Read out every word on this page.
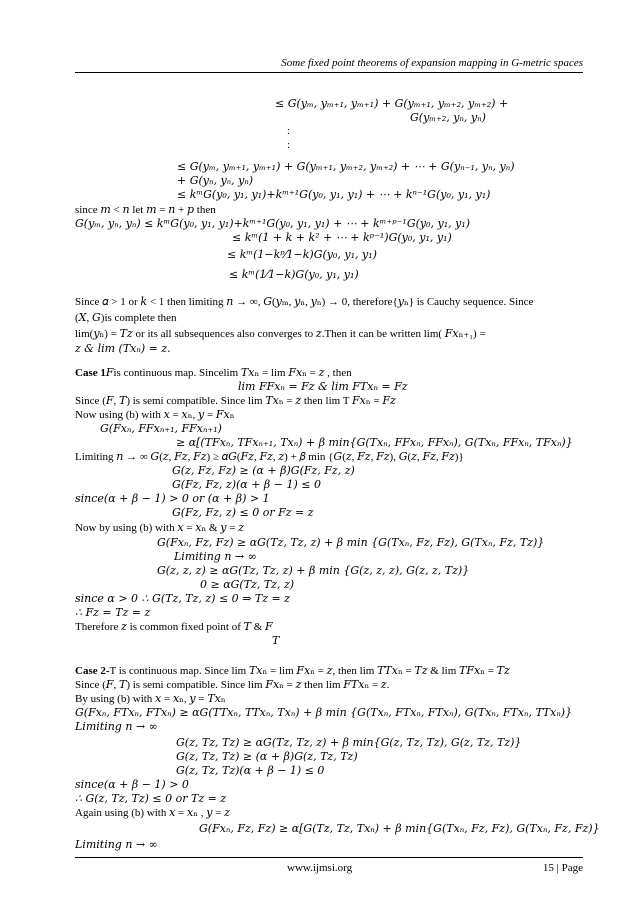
Some fixed point theorems of expansion mapping in G-metric spaces
≤ 𝐺(𝑦ₘ, 𝑦ₘ₊₁, 𝑦ₘ₊₁) + 𝐺(𝑦ₘ₊₁, 𝑦ₘ₊₂, 𝑦ₘ₊₂) +
𝐺(𝑦ₘ₊₂, 𝑦ₙ, 𝑦ₙ)
:
:
≤ 𝐺(𝑦ₘ, 𝑦ₘ₊₁, 𝑦ₘ₊₁) + 𝐺(𝑦ₘ₊₁, 𝑦ₘ₊₂, 𝑦ₘ₊₂) + ⋯ + 𝐺(𝑦ₙ₋₁, 𝑦ₙ, 𝑦ₙ)
+ 𝐺(𝑦ₙ, 𝑦ₙ, 𝑦ₙ)
≤ 𝑘ᵐ𝐺(𝑦₀, 𝑦₁, 𝑦₁)+𝑘ᵐ⁺¹𝐺(𝑦₀, 𝑦₁, 𝑦₁) + ⋯ + 𝑘ⁿ⁻¹𝐺(𝑦₀, 𝑦₁, 𝑦₁)
since 𝑚 < 𝑛 let 𝑚 = 𝑛 + 𝑝 then
𝐺(𝑦ₘ, 𝑦ₙ, 𝑦ₙ) ≤ 𝑘ᵐ𝐺(𝑦₀, 𝑦₁, 𝑦₁)+𝑘ᵐ⁺¹𝐺(𝑦₀, 𝑦₁, 𝑦₁) + ⋯ + 𝑘ᵐ⁺ᵖ⁻¹𝐺(𝑦₀, 𝑦₁, 𝑦₁)
≤ 𝑘ᵐ(1 + 𝑘 + 𝑘² + ⋯ + 𝑘ᵖ⁻¹)𝐺(𝑦₀, 𝑦₁, 𝑦₁)
≤ 𝑘ᵐ(1−𝑘ᵖ⁄1−𝑘)𝐺(𝑦₀, 𝑦₁, 𝑦₁)
≤ 𝑘ᵐ(1⁄1−𝑘)𝐺(𝑦₀, 𝑦₁, 𝑦₁)
Since 𝛼 > 1 or 𝑘 < 1 then limiting 𝑛 → ∞, 𝐺(𝑦ₘ, 𝑦ₙ, 𝑦ₙ) → 0, therefore{𝑦ₙ} is Cauchy sequence. Since
(𝑋, 𝐺)is complete then
lim(𝑦ₙ) = 𝑇𝑧 or its all subsequences also converges to 𝑧.Then it can be written lim( 𝐹𝑥ₙ₊₁) =
𝑧 & lim (𝑇𝑥ₙ) = 𝑧.
Case 1𝐹is continuous map. Sincelim 𝑇𝑥ₙ = lim 𝐹𝑥ₙ = 𝑧 , then
lim 𝐹𝐹𝑥ₙ = 𝐹𝑧 & lim 𝐹𝑇𝑥ₙ = 𝐹𝑧
Since (𝐹, 𝑇) is semi compatible. Since lim 𝑇𝑥ₙ = 𝑧 then lim T 𝐹𝑥ₙ = 𝐹𝑧
Now using (b) with 𝑥 = 𝑥ₙ, 𝑦 = 𝐹𝑥ₙ
𝐺(𝐹𝑥ₙ, 𝐹𝐹𝑥ₙ₊₁, 𝐹𝐹𝑥ₙ₊₁)
≥ 𝛼[(𝑇𝐹𝑥ₙ, 𝑇𝐹𝑥ₙ₊₁, 𝑇𝑥ₙ) + 𝛽 min{𝐺(𝑇𝑥ₙ, 𝐹𝐹𝑥ₙ, 𝐹𝐹𝑥ₙ), 𝐺(𝑇𝑥ₙ, 𝐹𝐹𝑥ₙ, 𝑇𝐹𝑥ₙ)}
Limiting 𝑛 → ∞ 𝐺(𝑧, 𝐹𝑧, 𝐹𝑧) ≥ 𝛼𝐺(𝐹𝑧, 𝐹𝑧, 𝑧) + 𝛽 min {𝐺(𝑧, 𝐹𝑧, 𝐹𝑧), 𝐺(𝑧, 𝐹𝑧, 𝐹𝑧)}
𝐺(𝑧, 𝐹𝑧, 𝐹𝑧) ≥ (𝛼 + 𝛽)𝐺(𝐹𝑧, 𝐹𝑧, 𝑧)
𝐺(𝐹𝑧, 𝐹𝑧, 𝑧)(𝛼 + 𝛽 − 1) ≤ 0
𝑠𝑖𝑛𝑐𝑒(𝛼 + 𝛽 − 1) > 0 𝑜𝑟 (𝛼 + 𝛽) > 1
𝐺(𝐹𝑧, 𝐹𝑧, 𝑧) ≤ 0 𝑜𝑟 𝐹𝑧 = 𝑧
Now by using (b) with 𝑥 = 𝑥ₙ & 𝑦 = 𝑧
𝐺(𝐹𝑥ₙ, 𝐹𝑧, 𝐹𝑧) ≥ 𝛼𝐺(𝑇𝑧, 𝑇𝑧, 𝑧) + 𝛽 min {𝐺(𝑇𝑥ₙ, 𝐹𝑧, 𝐹𝑧), 𝐺(𝑇𝑥ₙ, 𝐹𝑧, 𝑇𝑧)}
𝐿𝑖𝑚𝑖𝑡𝑖𝑛𝑔 𝑛 → ∞
𝐺(𝑧, 𝑧, 𝑧) ≥ 𝛼𝐺(𝑇𝑧, 𝑇𝑧, 𝑧) + 𝛽 min {𝐺(𝑧, 𝑧, 𝑧), 𝐺(𝑧, 𝑧, 𝑇𝑧)}
0 ≥ 𝛼𝐺(𝑇𝑧, 𝑇𝑧, 𝑧)
𝑠𝑖𝑛𝑐𝑒 𝛼 > 0 ∴ 𝐺(𝑇𝑧, 𝑇𝑧, 𝑧) ≤ 0 ⇒ 𝑇𝑧 = 𝑧
∴ 𝐹𝑧 = 𝑇𝑧 = 𝑧
Therefore 𝑧 is common fixed point of 𝑇 & 𝐹
𝑇
Case 2-T is continuous map. Since lim 𝑇𝑥ₙ = lim 𝐹𝑥ₙ = 𝑧, then lim 𝑇𝑇𝑥ₙ = 𝑇𝑧 & lim 𝑇𝐹𝑥ₙ = 𝑇𝑧
Since (𝐹, 𝑇) is semi compatible. Since lim 𝐹𝑥ₙ = 𝑧 then lim 𝐹𝑇𝑥ₙ = 𝑧.
By using (b) with 𝑥 = 𝑥ₙ, 𝑦 = 𝑇𝑥ₙ
𝐺(𝐹𝑥ₙ, 𝐹𝑇𝑥ₙ, 𝐹𝑇𝑥ₙ) ≥ 𝛼𝐺(𝑇𝑇𝑥ₙ, 𝑇𝑇𝑥ₙ, 𝑇𝑥ₙ) + 𝛽 min {𝐺(𝑇𝑥ₙ, 𝐹𝑇𝑥ₙ, 𝐹𝑇𝑥ₙ), 𝐺(𝑇𝑥ₙ, 𝐹𝑇𝑥ₙ, 𝑇𝑇𝑥ₙ)}
𝐿𝑖𝑚𝑖𝑡𝑖𝑛𝑔 𝑛 → ∞
𝐺(𝑧, 𝑇𝑧, 𝑇𝑧) ≥ 𝛼𝐺(𝑇𝑧, 𝑇𝑧, 𝑧) + 𝛽 min{𝐺(𝑧, 𝑇𝑧, 𝑇𝑧), 𝐺(𝑧, 𝑇𝑧, 𝑇𝑧)}
𝐺(𝑧, 𝑇𝑧, 𝑇𝑧) ≥ (𝛼 + 𝛽)𝐺(𝑧, 𝑇𝑧, 𝑇𝑧)
𝐺(𝑧, 𝑇𝑧, 𝑇𝑧)(𝛼 + 𝛽 − 1) ≤ 0
𝑠𝑖𝑛𝑐𝑒(𝛼 + 𝛽 − 1) > 0
∴ 𝐺(𝑧, 𝑇𝑧, 𝑇𝑧) ≤ 0 𝑜𝑟 𝑇𝑧 = 𝑧
Again using (b) with 𝑥 = 𝑥ₙ , 𝑦 = 𝑧
𝐺(𝐹𝑥ₙ, 𝐹𝑧, 𝐹𝑧) ≥ 𝛼[𝐺(𝑇𝑧, 𝑇𝑧, 𝑇𝑥ₙ) + 𝛽 min{𝐺(𝑇𝑥ₙ, 𝐹𝑧, 𝐹𝑧), 𝐺(𝑇𝑥ₙ, 𝐹𝑧, 𝐹𝑧)}
𝐿𝑖𝑚𝑖𝑡𝑖𝑛𝑔 𝑛 → ∞
www.ijmsi.org	15 | Page
